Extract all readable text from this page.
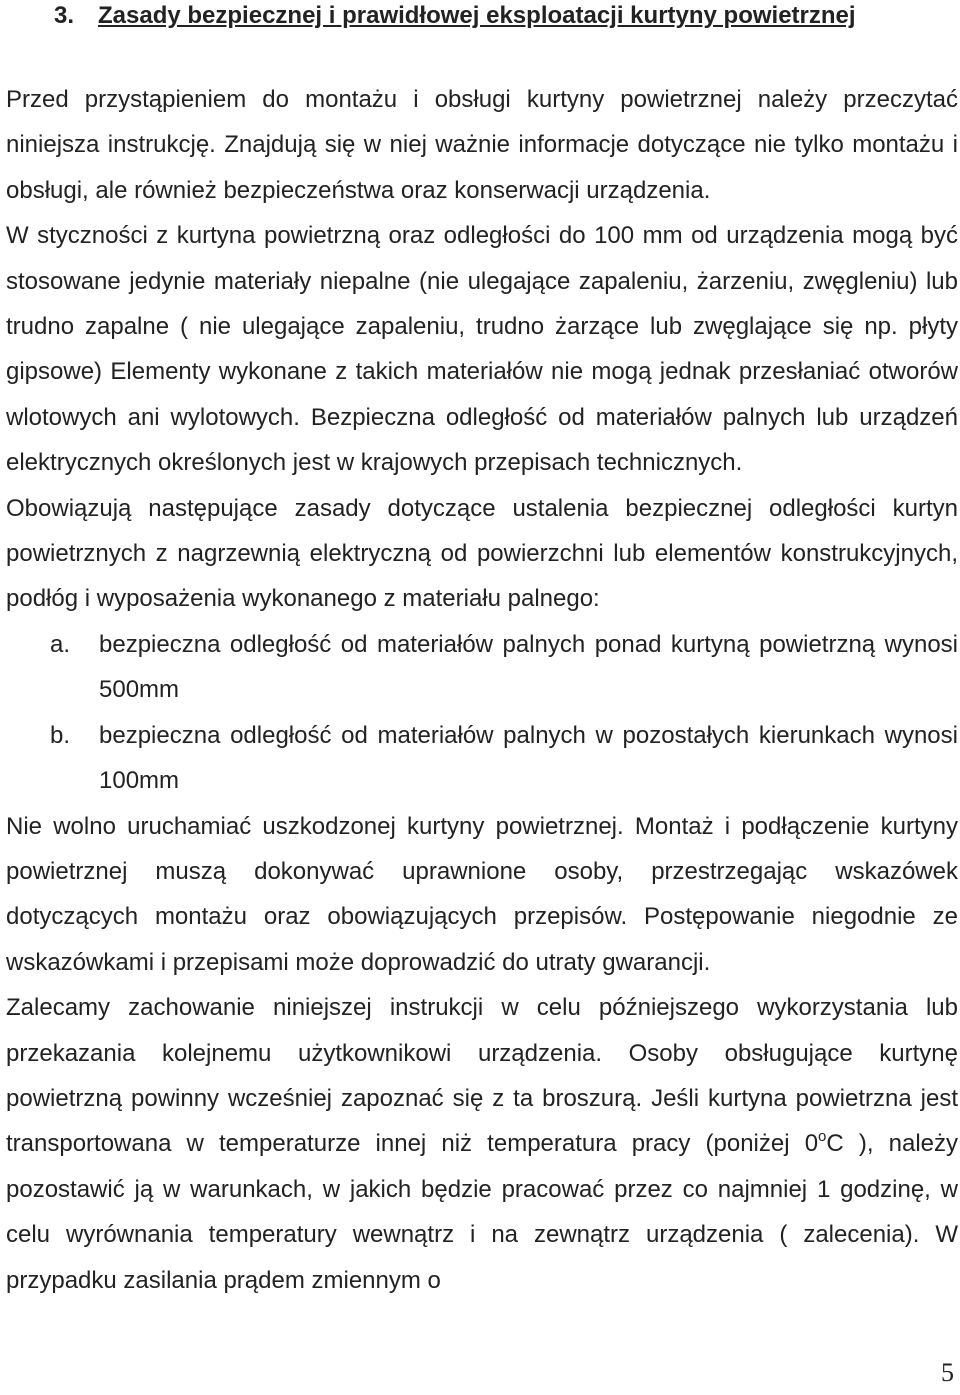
3. Zasady bezpiecznej i prawidłowej eksploatacji kurtyny powietrznej

Przed przystąpieniem do montażu i obsługi kurtyny powietrznej należy przeczytać niniejsza instrukcję. Znajdują się w niej ważnie informacje dotyczące nie tylko montażu i obsługi, ale również bezpieczeństwa oraz konserwacji urządzenia.

W styczności z kurtyna powietrzną oraz odległości do 100 mm od urządzenia mogą być stosowane jedynie materiały niepalne (nie ulegające zapaleniu, żarzeniu, zwęgleniu) lub trudno zapalne ( nie ulegające zapaleniu, trudno żarzące lub zwęglające się np. płyty gipsowe) Elementy wykonane z takich materiałów nie mogą jednak przesłaniać otworów wlotowych ani wylotowych. Bezpieczna odległość od materiałów palnych lub urządzeń elektrycznych określonych jest w krajowych przepisach technicznych.

Obowiązują następujące zasady dotyczące ustalenia bezpiecznej odległości kurtyn powietrznych z nagrzewnią elektryczną od powierzchni lub elementów konstrukcyjnych, podłóg i wyposażenia wykonanego z materiału palnego:

a.	bezpieczna odległość od materiałów palnych ponad kurtyną powietrzną wynosi 500mm
b.	bezpieczna odległość od materiałów palnych w pozostałych kierunkach wynosi 100mm

Nie wolno uruchamiać uszkodzonej kurtyny powietrznej. Montaż i podłączenie kurtyny powietrznej muszą dokonywać uprawnione osoby, przestrzegając wskazówek dotyczących montażu oraz obowiązujących przepisów. Postępowanie niegodnie ze wskazówkami i przepisami może doprowadzić do utraty gwarancji.

Zalecamy zachowanie niniejszej instrukcji w celu późniejszego wykorzystania lub przekazania kolejnemu użytkownikowi urządzenia. Osoby obsługujące kurtynę powietrzną powinny wcześniej zapoznać się z ta broszurą. Jeśli kurtyna powietrzna jest transportowana w temperaturze innej niż temperatura pracy (poniżej 0$^o$C ), należy pozostawić ją w warunkach, w jakich będzie pracować przez co najmniej 1 godzinę, w celu wyrównania temperatury wewnątrz i na zewnątrz urządzenia ( zalecenia). W przypadku zasilania prądem zmiennym o

5
